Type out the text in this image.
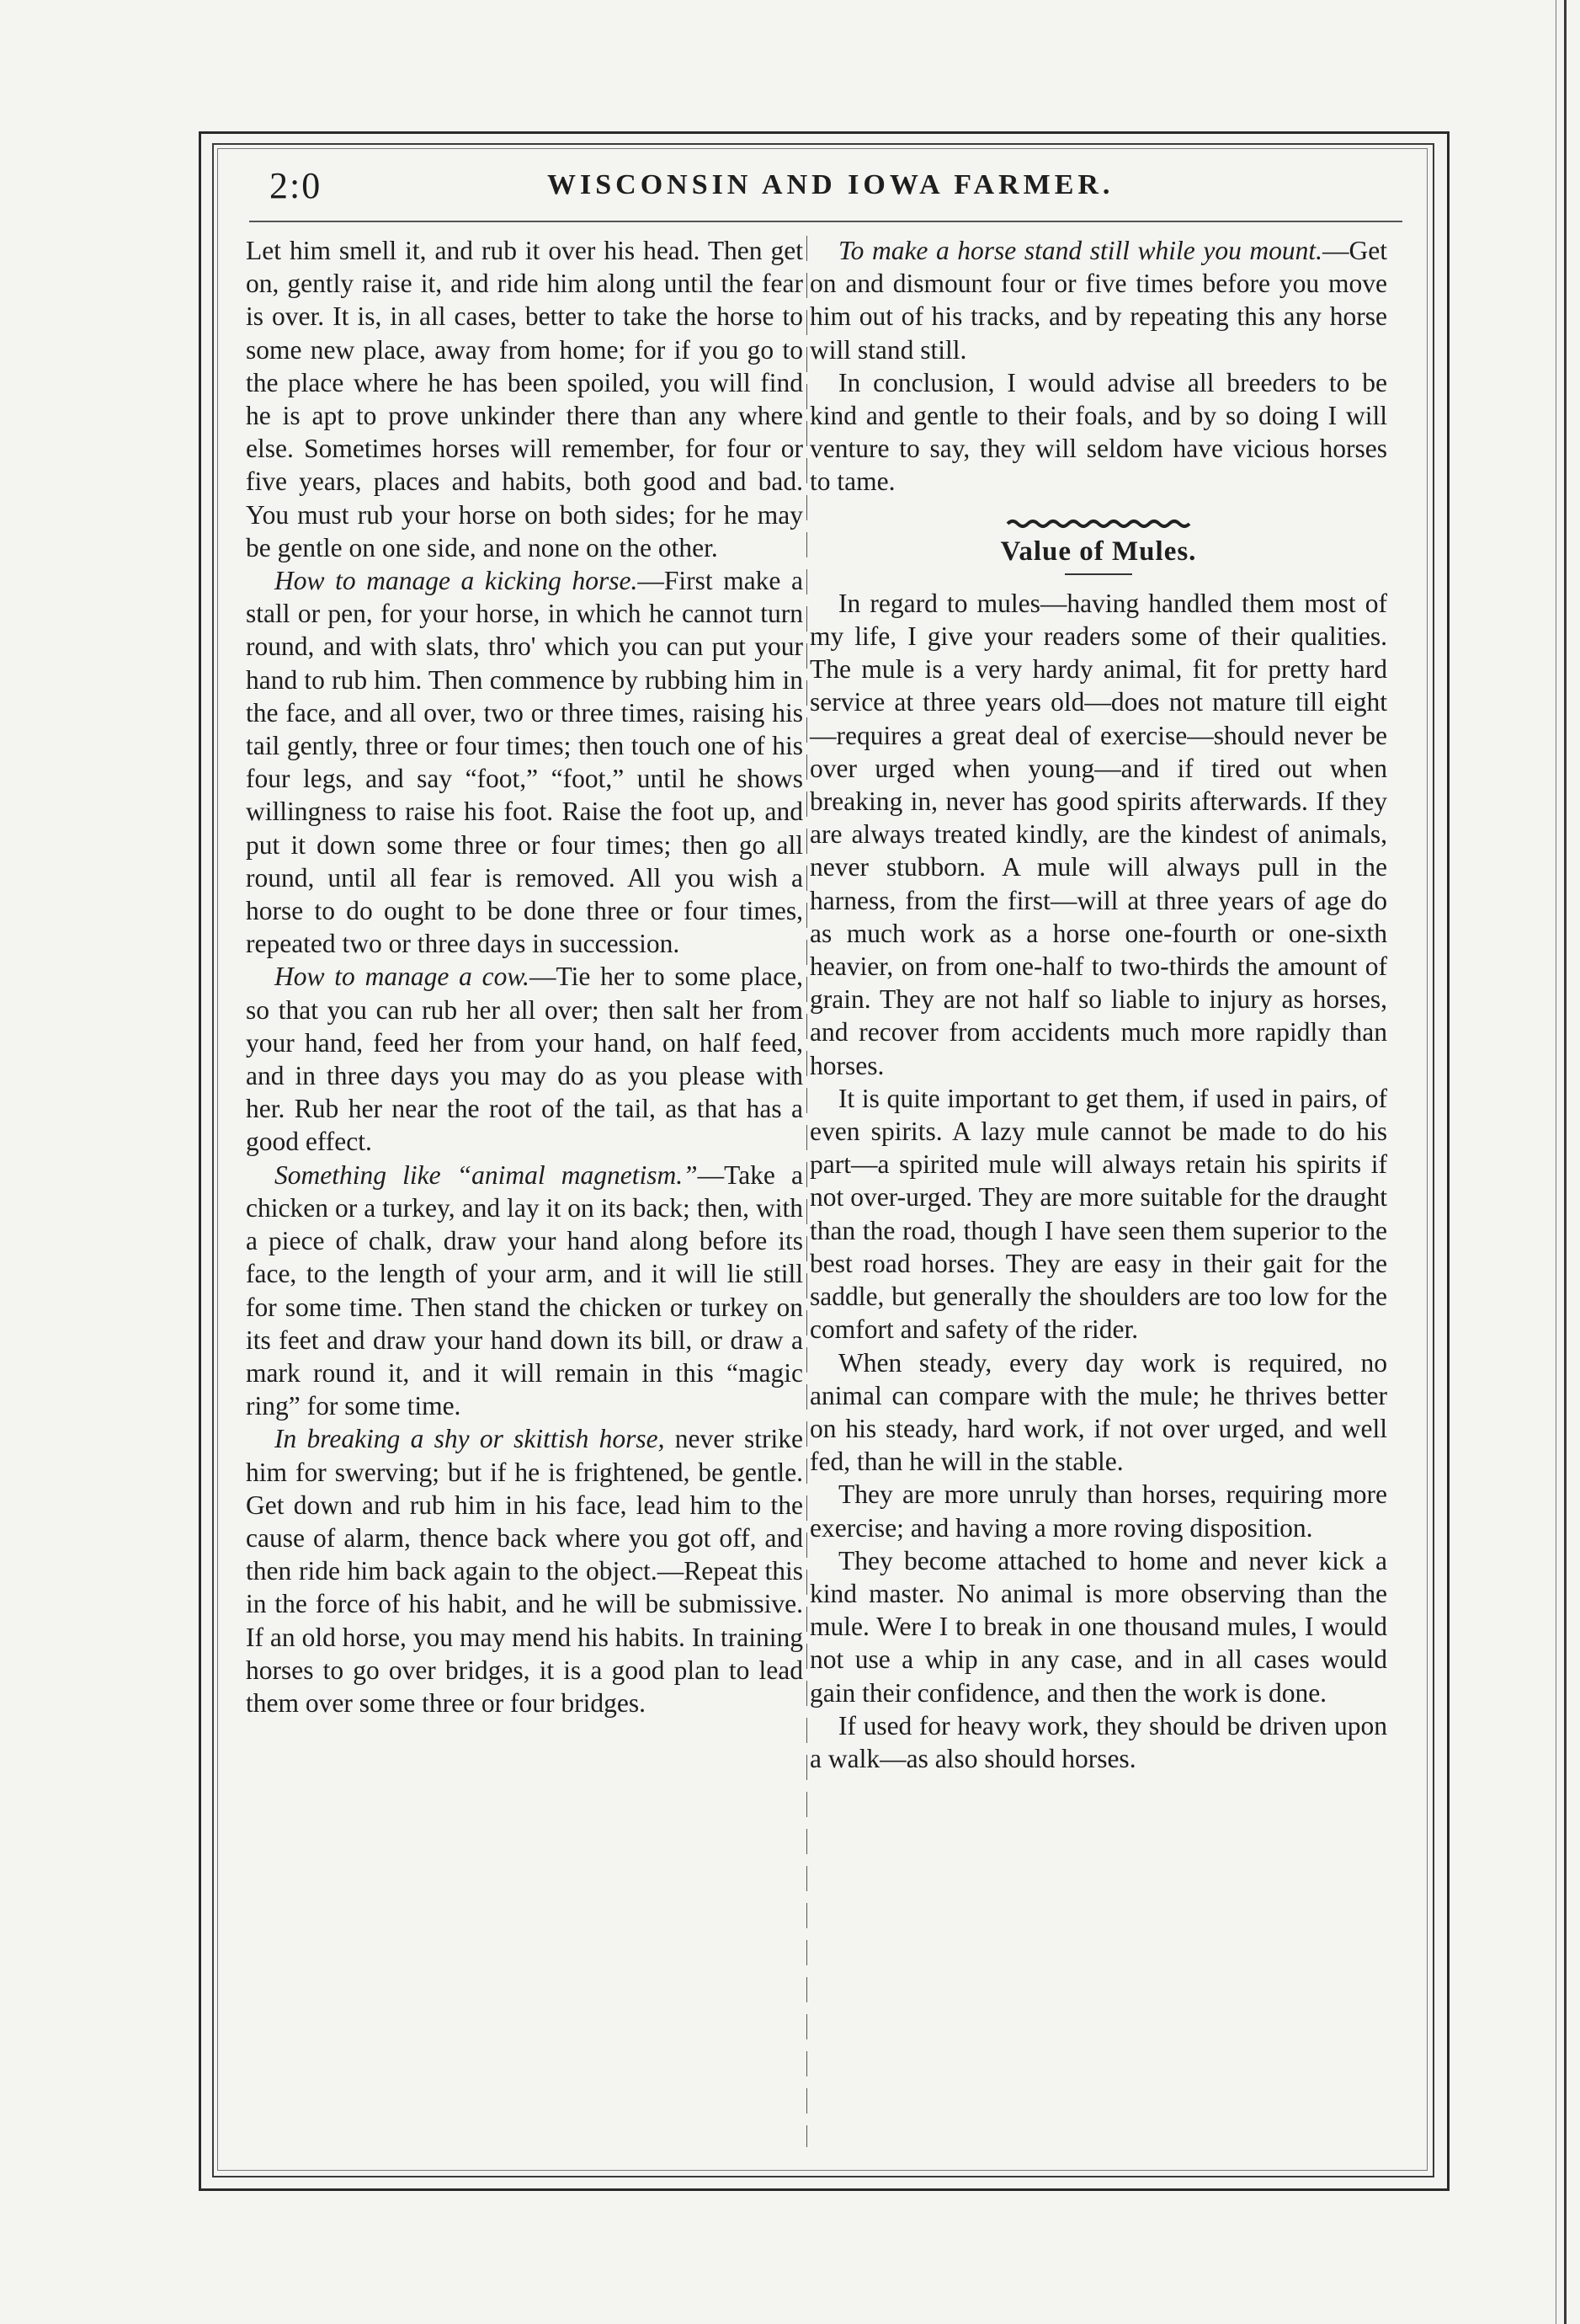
2:0	WISCONSIN AND IOWA FARMER.

Let him smell it, and rub it over his head. Then get on, gently raise it, and ride him along until the fear is over. It is, in all cases, better to take the horse to some new place, away from home; for if you go to the place where he has been spoiled, you will find he is apt to prove unkinder there than any where else. Sometimes horses will remember, for four or five years, places and habits, both good and bad. You must rub your horse on both sides; for he may be gentle on one side, and none on the other.

How to manage a kicking horse.—First make a stall or pen, for your horse, in which he cannot turn round, and with slats, thro' which you can put your hand to rub him. Then commence by rubbing him in the face, and all over, two or three times, raising his tail gently, three or four times; then touch one of his four legs, and say “foot,” “foot,” until he shows willingness to raise his foot. Raise the foot up, and put it down some three or four times; then go all round, until all fear is removed. All you wish a horse to do ought to be done three or four times, repeated two or three days in succession.

How to manage a cow.—Tie her to some place, so that you can rub her all over; then salt her from your hand, feed her from your hand, on half feed, and in three days you may do as you please with her. Rub her near the root of the tail, as that has a good effect.

Something like “animal magnetism.”—Take a chicken or a turkey, and lay it on its back; then, with a piece of chalk, draw your hand along before its face, to the length of your arm, and it will lie still for some time. Then stand the chicken or turkey on its feet and draw your hand down its bill, or draw a mark round it, and it will remain in this “magic ring” for some time.

In breaking a shy or skittish horse, never strike him for swerving; but if he is frightened, be gentle. Get down and rub him in his face, lead him to the cause of alarm, thence back where you got off, and then ride him back again to the object.—Repeat this in the force of his habit, and he will be submissive. If an old horse, you may mend his habits. In training horses to go over bridges, it is a good plan to lead them over some three or four bridges.

To make a horse stand still while you mount.—Get on and dismount four or five times before you move him out of his tracks, and by repeating this any horse will stand still.

In conclusion, I would advise all breeders to be kind and gentle to their foals, and by so doing I will venture to say, they will seldom have vicious horses to tame.

Value of Mules.

In regard to mules—having handled them most of my life, I give your readers some of their qualities. The mule is a very hardy animal, fit for pretty hard service at three years old—does not mature till eight—requires a great deal of exercise—should never be over urged when young—and if tired out when breaking in, never has good spirits afterwards. If they are always treated kindly, are the kindest of animals, never stubborn. A mule will always pull in the harness, from the first—will at three years of age do as much work as a horse one-fourth or one-sixth heavier, on from one-half to two-thirds the amount of grain. They are not half so liable to injury as horses, and recover from accidents much more rapidly than horses.

It is quite important to get them, if used in pairs, of even spirits. A lazy mule cannot be made to do his part—a spirited mule will always retain his spirits if not over-urged. They are more suitable for the draught than the road, though I have seen them superior to the best road horses. They are easy in their gait for the saddle, but generally the shoulders are too low for the comfort and safety of the rider.

When steady, every day work is required, no animal can compare with the mule; he thrives better on his steady, hard work, if not over urged, and well fed, than he will in the stable.

They are more unruly than horses, requiring more exercise; and having a more roving disposition.

They become attached to home and never kick a kind master. No animal is more observing than the mule. Were I to break in one thousand mules, I would not use a whip in any case, and in all cases would gain their confidence, and then the work is done.

If used for heavy work, they should be driven upon a walk—as also should horses.
